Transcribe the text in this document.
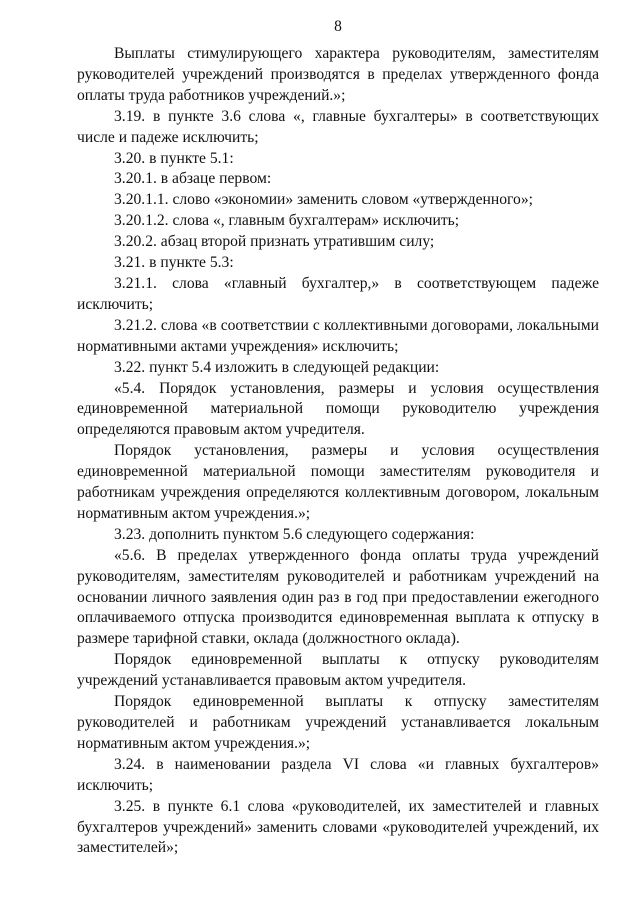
8

Выплаты стимулирующего характера руководителям, заместителям руководителей учреждений производятся в пределах утвержденного фонда оплаты труда работников учреждений.»;

3.19. в пункте 3.6 слова «, главные бухгалтеры» в соответствующих числе и падеже исключить;

3.20. в пункте 5.1:

3.20.1. в абзаце первом:

3.20.1.1. слово «экономии» заменить словом «утвержденного»;

3.20.1.2. слова «, главным бухгалтерам» исключить;

3.20.2. абзац второй признать утратившим силу;

3.21. в пункте 5.3:

3.21.1. слова «главный бухгалтер,» в соответствующем падеже исключить;

3.21.2. слова «в соответствии с коллективными договорами, локальными нормативными актами учреждения» исключить;

3.22. пункт 5.4 изложить в следующей редакции:

«5.4. Порядок установления, размеры и условия осуществления единовременной материальной помощи руководителю учреждения определяются правовым актом учредителя.

Порядок установления, размеры и условия осуществления единовременной материальной помощи заместителям руководителя и работникам учреждения определяются коллективным договором, локальным нормативным актом учреждения.»;

3.23. дополнить пунктом 5.6 следующего содержания:

«5.6. В пределах утвержденного фонда оплаты труда учреждений руководителям, заместителям руководителей и работникам учреждений на основании личного заявления один раз в год при предоставлении ежегодного оплачиваемого отпуска производится единовременная выплата к отпуску в размере тарифной ставки, оклада (должностного оклада).

Порядок единовременной выплаты к отпуску руководителям учреждений устанавливается правовым актом учредителя.

Порядок единовременной выплаты к отпуску заместителям руководителей и работникам учреждений устанавливается локальным нормативным актом учреждения.»;

3.24. в наименовании раздела VI слова «и главных бухгалтеров» исключить;

3.25. в пункте 6.1 слова «руководителей, их заместителей и главных бухгалтеров учреждений» заменить словами «руководителей учреждений, их заместителей»;
